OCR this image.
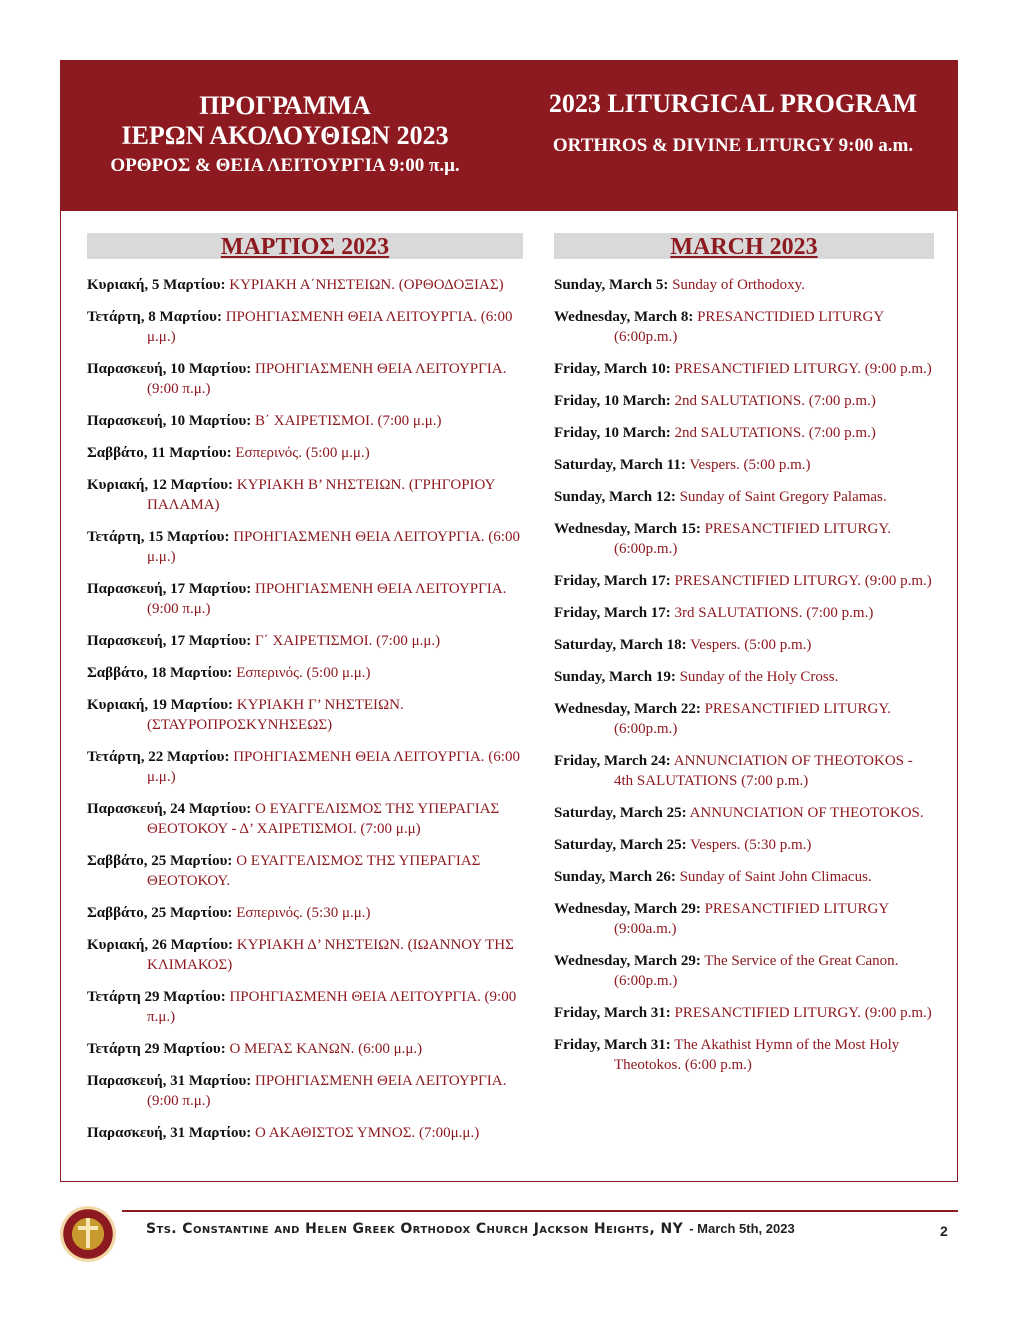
ΠΡΟΓΡΑΜΜΑ
ΙΕΡΩΝ ΑΚΟΛΟΥΘΙΩΝ 2023
ΟΡΘΡΟΣ & ΘΕΙΑ ΛΕΙΤΟΥΡΓΙΑ 9:00 π.μ.
2023 LITURGICAL PROGRAM
ORTHROS & DIVINE LITURGY 9:00 a.m.
ΜΑΡΤΙΟΣ 2023
Κυριακή, 5 Μαρτίου: ΚΥΡΙΑΚΗ Α΄ΝΗΣΤΕΙΩΝ. (ΟΡΘΟΔΟΞΙΑΣ)
Τετάρτη, 8 Μαρτίου: ΠΡΟΗΓΙΑΣΜΕΝΗ ΘΕΙΑ ΛΕΙΤΟΥΡΓΙΑ. (6:00 μ.μ.)
Παρασκευή, 10 Μαρτίου: ΠΡΟΗΓΙΑΣΜΕΝΗ ΘΕΙΑ ΛΕΙΤΟΥΡΓΙΑ. (9:00 π.μ.)
Παρασκευή, 10 Μαρτίου: Β΄ ΧΑΙΡΕΤΙΣΜΟΙ. (7:00 μ.μ.)
Σαββάτο, 11 Μαρτίου: Εσπερινός. (5:00 μ.μ.)
Κυριακή, 12 Μαρτίου: ΚΥΡΙΑΚΗ Β’ ΝΗΣΤΕΙΩΝ. (ΓΡΗΓΟΡΙΟΥ ΠΑΛΑΜΑ)
Τετάρτη, 15 Μαρτίου: ΠΡΟΗΓΙΑΣΜΕΝΗ ΘΕΙΑ ΛΕΙΤΟΥΡΓΙΑ. (6:00 μ.μ.)
Παρασκευή, 17 Μαρτίου: ΠΡΟΗΓΙΑΣΜΕΝΗ ΘΕΙΑ ΛΕΙΤΟΥΡΓΙΑ. (9:00 π.μ.)
Παρασκευή, 17 Μαρτίου: Γ΄ ΧΑΙΡΕΤΙΣΜΟΙ. (7:00 μ.μ.)
Σαββάτο, 18 Μαρτίου: Εσπερινός. (5:00 μ.μ.)
Κυριακή, 19 Μαρτίου: ΚΥΡΙΑΚΗ Γ’ ΝΗΣΤΕΙΩΝ. (ΣΤΑΥΡΟΠΡΟΣΚΥΝΗΣΕΩΣ)
Τετάρτη, 22 Μαρτίου: ΠΡΟΗΓΙΑΣΜΕΝΗ ΘΕΙΑ ΛΕΙΤΟΥΡΓΙΑ. (6:00 μ.μ.)
Παρασκευή, 24 Μαρτίου: Ο ΕΥΑΓΓΕΛΙΣΜΟΣ ΤΗΣ ΥΠΕΡΑΓΙΑΣ ΘΕΟΤΟΚΟΥ - Δ’ ΧΑΙΡΕΤΙΣΜΟΙ. (7:00 μ.μ)
Σαββάτο, 25 Μαρτίου: Ο ΕΥΑΓΓΕΛΙΣΜΟΣ ΤΗΣ ΥΠΕΡΑΓΙΑΣ ΘΕΟΤΟΚΟΥ.
Σαββάτο, 25 Μαρτίου: Εσπερινός. (5:30 μ.μ.)
Κυριακή, 26 Μαρτίου: ΚΥΡΙΑΚΗ Δ’ ΝΗΣΤΕΙΩΝ. (ΙΩΑΝΝΟΥ ΤΗΣ ΚΛΙΜΑΚΟΣ)
Τετάρτη 29 Μαρτίου: ΠΡΟΗΓΙΑΣΜΕΝΗ ΘΕΙΑ ΛΕΙΤΟΥΡΓΙΑ. (9:00 π.μ.)
Τετάρτη 29 Μαρτίου: Ο ΜΕΓΑΣ ΚΑΝΩΝ. (6:00 μ.μ.)
Παρασκευή, 31 Μαρτίου: ΠΡΟΗΓΙΑΣΜΕΝΗ ΘΕΙΑ ΛΕΙΤΟΥΡΓΙΑ. (9:00 π.μ.)
Παρασκευή, 31 Μαρτίου: Ο ΑΚΑΘΙΣΤΟΣ ΥΜΝΟΣ. (7:00μ.μ.)
MARCH 2023
Sunday, March 5: Sunday of Orthodoxy.
Wednesday, March 8: PRESANCTIDIED LITURGY (6:00p.m.)
Friday, March 10: PRESANCTIFIED LITURGY. (9:00 p.m.)
Friday, 10 March: 2nd SALUTATIONS. (7:00 p.m.)
Friday, 10 March: 2nd SALUTATIONS. (7:00 p.m.)
Saturday, March 11: Vespers. (5:00 p.m.)
Sunday, March 12: Sunday of Saint Gregory Palamas.
Wednesday, March 15: PRESANCTIFIED LITURGY. (6:00p.m.)
Friday, March 17: PRESANCTIFIED LITURGY. (9:00 p.m.)
Friday, March 17: 3rd SALUTATIONS. (7:00 p.m.)
Saturday, March 18: Vespers. (5:00 p.m.)
Sunday, March 19: Sunday of the Holy Cross.
Wednesday, March 22: PRESANCTIFIED LITURGY. (6:00p.m.)
Friday, March 24: ANNUNCIATION OF THEOTOKOS - 4th SALUTATIONS (7:00 p.m.)
Saturday, March 25: ANNUNCIATION OF THEOTOKOS.
Saturday, March 25: Vespers. (5:30 p.m.)
Sunday, March 26: Sunday of Saint John Climacus.
Wednesday, March 29: PRESANCTIFIED LITURGY (9:00a.m.)
Wednesday, March 29: The Service of the Great Canon. (6:00p.m.)
Friday, March 31: PRESANCTIFIED LITURGY. (9:00 p.m.)
Friday, March 31: The Akathist Hymn of the Most Holy Theotokos. (6:00 p.m.)
Sts. Constantine and Helen Greek Orthodox Church Jackson Heights, NY - March 5th, 2023	2
